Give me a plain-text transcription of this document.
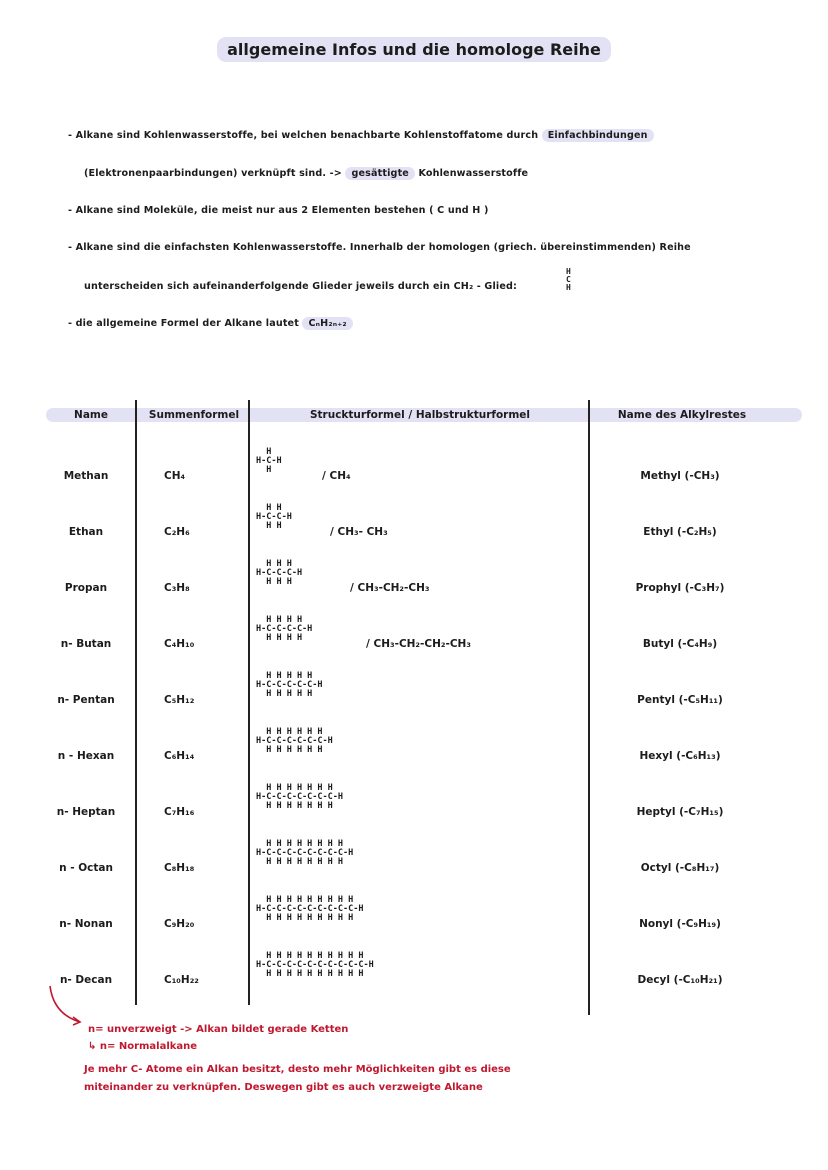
allgemeine Infos und die homologe Reihe
- Alkane sind Kohlenwasserstoffe, bei welchen benachbarte Kohlenstoffatome durch Einfachbindungen
(Elektronenpaarbindungen) verknüpft sind. -> gesättigte Kohlenwasserstoffe
- Alkane sind Moleküle, die meist nur aus 2 Elementen bestehen ( C und H )
- Alkane sind die einfachsten Kohlenwasserstoffe. Innerhalb der homologen (griech. übereinstimmenden) Reihe
unterscheiden sich aufeinanderfolgende Glieder jeweils durch ein CH₂ - Glied:
H
C
H
- die allgemeine Formel der Alkane lautet CₙH₂ₙ₊₂
Name	Summenformel	Struckturformel / Halbstrukturformel	Name des Alkylrestes
Methan	CH₄
H
H-C-H
H	/ CH₄	Methyl (-CH₃)
Ethan	C₂H₆
H H
H-C-C-H
H H	/ CH₃- CH₃	Ethyl (-C₂H₅)
Propan	C₃H₈
H H H
H-C-C-C-H
H H H	/ CH₃-CH₂-CH₃	Prophyl (-C₃H₇)
n- Butan	C₄H₁₀
H H H H
H-C-C-C-C-H
H H H H	/ CH₃-CH₂-CH₂-CH₃	Butyl (-C₄H₉)
n- Pentan	C₅H₁₂
H H H H H
H-C-C-C-C-C-H
H H H H H	Pentyl (-C₅H₁₁)
n - Hexan	C₆H₁₄
H H H H H H
H-C-C-C-C-C-C-H
H H H H H H	Hexyl (-C₆H₁₃)
n- Heptan	C₇H₁₆
H H H H H H H
H-C-C-C-C-C-C-C-H
H H H H H H H	Heptyl (-C₇H₁₅)
n - Octan	C₈H₁₈
H H H H H H H H
H-C-C-C-C-C-C-C-C-H
H H H H H H H H	Octyl (-C₈H₁₇)
n- Nonan	C₉H₂₀
H H H H H H H H H
H-C-C-C-C-C-C-C-C-C-H
H H H H H H H H H	Nonyl (-C₉H₁₉)
n- Decan	C₁₀H₂₂
H H H H H H H H H H
H-C-C-C-C-C-C-C-C-C-C-H
H H H H H H H H H H	Decyl (-C₁₀H₂₁)
n= unverzweigt -> Alkan bildet gerade Ketten
↳ n= Normalalkane
Je mehr C- Atome ein Alkan besitzt, desto mehr Möglichkeiten gibt es diese
miteinander zu verknüpfen. Deswegen gibt es auch verzweigte Alkane
